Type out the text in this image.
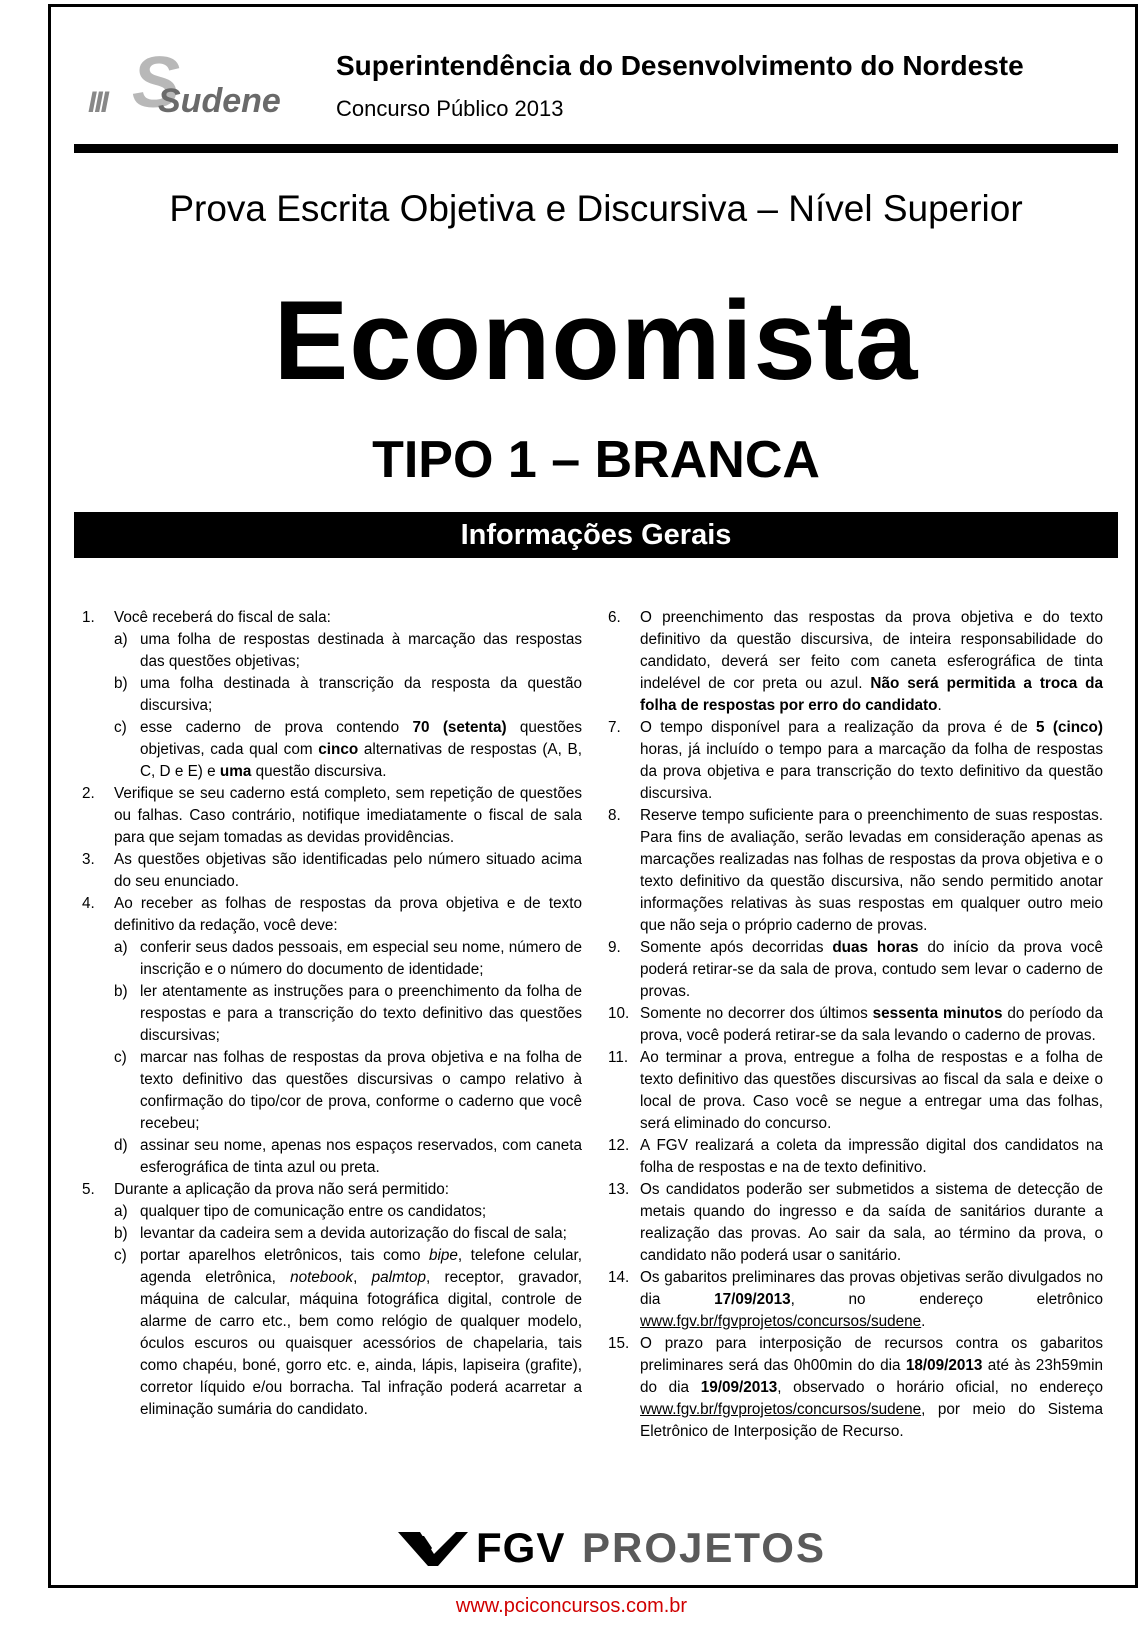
S
III Sudene
Superintendência do Desenvolvimento do Nordeste
Concurso Público 2013
Prova Escrita Objetiva e Discursiva – Nível Superior
Economista
TIPO 1 – BRANCA
Informações Gerais
1. Você receberá do fiscal de sala:
a) uma folha de respostas destinada à marcação das respostas das questões objetivas;
b) uma folha destinada à transcrição da resposta da questão discursiva;
c) esse caderno de prova contendo 70 (setenta) questões objetivas, cada qual com cinco alternativas de respostas (A, B, C, D e E) e uma questão discursiva.
2. Verifique se seu caderno está completo, sem repetição de questões ou falhas. Caso contrário, notifique imediatamente o fiscal de sala para que sejam tomadas as devidas providências.
3. As questões objetivas são identificadas pelo número situado acima do seu enunciado.
4. Ao receber as folhas de respostas da prova objetiva e de texto definitivo da redação, você deve:
a) conferir seus dados pessoais, em especial seu nome, número de inscrição e o número do documento de identidade;
b) ler atentamente as instruções para o preenchimento da folha de respostas e para a transcrição do texto definitivo das questões discursivas;
c) marcar nas folhas de respostas da prova objetiva e na folha de texto definitivo das questões discursivas o campo relativo à confirmação do tipo/cor de prova, conforme o caderno que você recebeu;
d) assinar seu nome, apenas nos espaços reservados, com caneta esferográfica de tinta azul ou preta.
5. Durante a aplicação da prova não será permitido:
a) qualquer tipo de comunicação entre os candidatos;
b) levantar da cadeira sem a devida autorização do fiscal de sala;
c) portar aparelhos eletrônicos, tais como bipe, telefone celular, agenda eletrônica, notebook, palmtop, receptor, gravador, máquina de calcular, máquina fotográfica digital, controle de alarme de carro etc., bem como relógio de qualquer modelo, óculos escuros ou quaisquer acessórios de chapelaria, tais como chapéu, boné, gorro etc. e, ainda, lápis, lapiseira (grafite), corretor líquido e/ou borracha. Tal infração poderá acarretar a eliminação sumária do candidato.
6. O preenchimento das respostas da prova objetiva e do texto definitivo da questão discursiva, de inteira responsabilidade do candidato, deverá ser feito com caneta esferográfica de tinta indelével de cor preta ou azul. Não será permitida a troca da folha de respostas por erro do candidato.
7. O tempo disponível para a realização da prova é de 5 (cinco) horas, já incluído o tempo para a marcação da folha de respostas da prova objetiva e para transcrição do texto definitivo da questão discursiva.
8. Reserve tempo suficiente para o preenchimento de suas respostas. Para fins de avaliação, serão levadas em consideração apenas as marcações realizadas nas folhas de respostas da prova objetiva e o texto definitivo da questão discursiva, não sendo permitido anotar informações relativas às suas respostas em qualquer outro meio que não seja o próprio caderno de provas.
9. Somente após decorridas duas horas do início da prova você poderá retirar-se da sala de prova, contudo sem levar o caderno de provas.
10. Somente no decorrer dos últimos sessenta minutos do período da prova, você poderá retirar-se da sala levando o caderno de provas.
11. Ao terminar a prova, entregue a folha de respostas e a folha de texto definitivo das questões discursivas ao fiscal da sala e deixe o local de prova. Caso você se negue a entregar uma das folhas, será eliminado do concurso.
12. A FGV realizará a coleta da impressão digital dos candidatos na folha de respostas e na de texto definitivo.
13. Os candidatos poderão ser submetidos a sistema de detecção de metais quando do ingresso e da saída de sanitários durante a realização das provas. Ao sair da sala, ao término da prova, o candidato não poderá usar o sanitário.
14. Os gabaritos preliminares das provas objetivas serão divulgados no dia 17/09/2013, no endereço eletrônico www.fgv.br/fgvprojetos/concursos/sudene.
15. O prazo para interposição de recursos contra os gabaritos preliminares será das 0h00min do dia 18/09/2013 até às 23h59min do dia 19/09/2013, observado o horário oficial, no endereço www.fgv.br/fgvprojetos/concursos/sudene, por meio do Sistema Eletrônico de Interposição de Recurso.
FGV PROJETOS
www.pciconcursos.com.br
